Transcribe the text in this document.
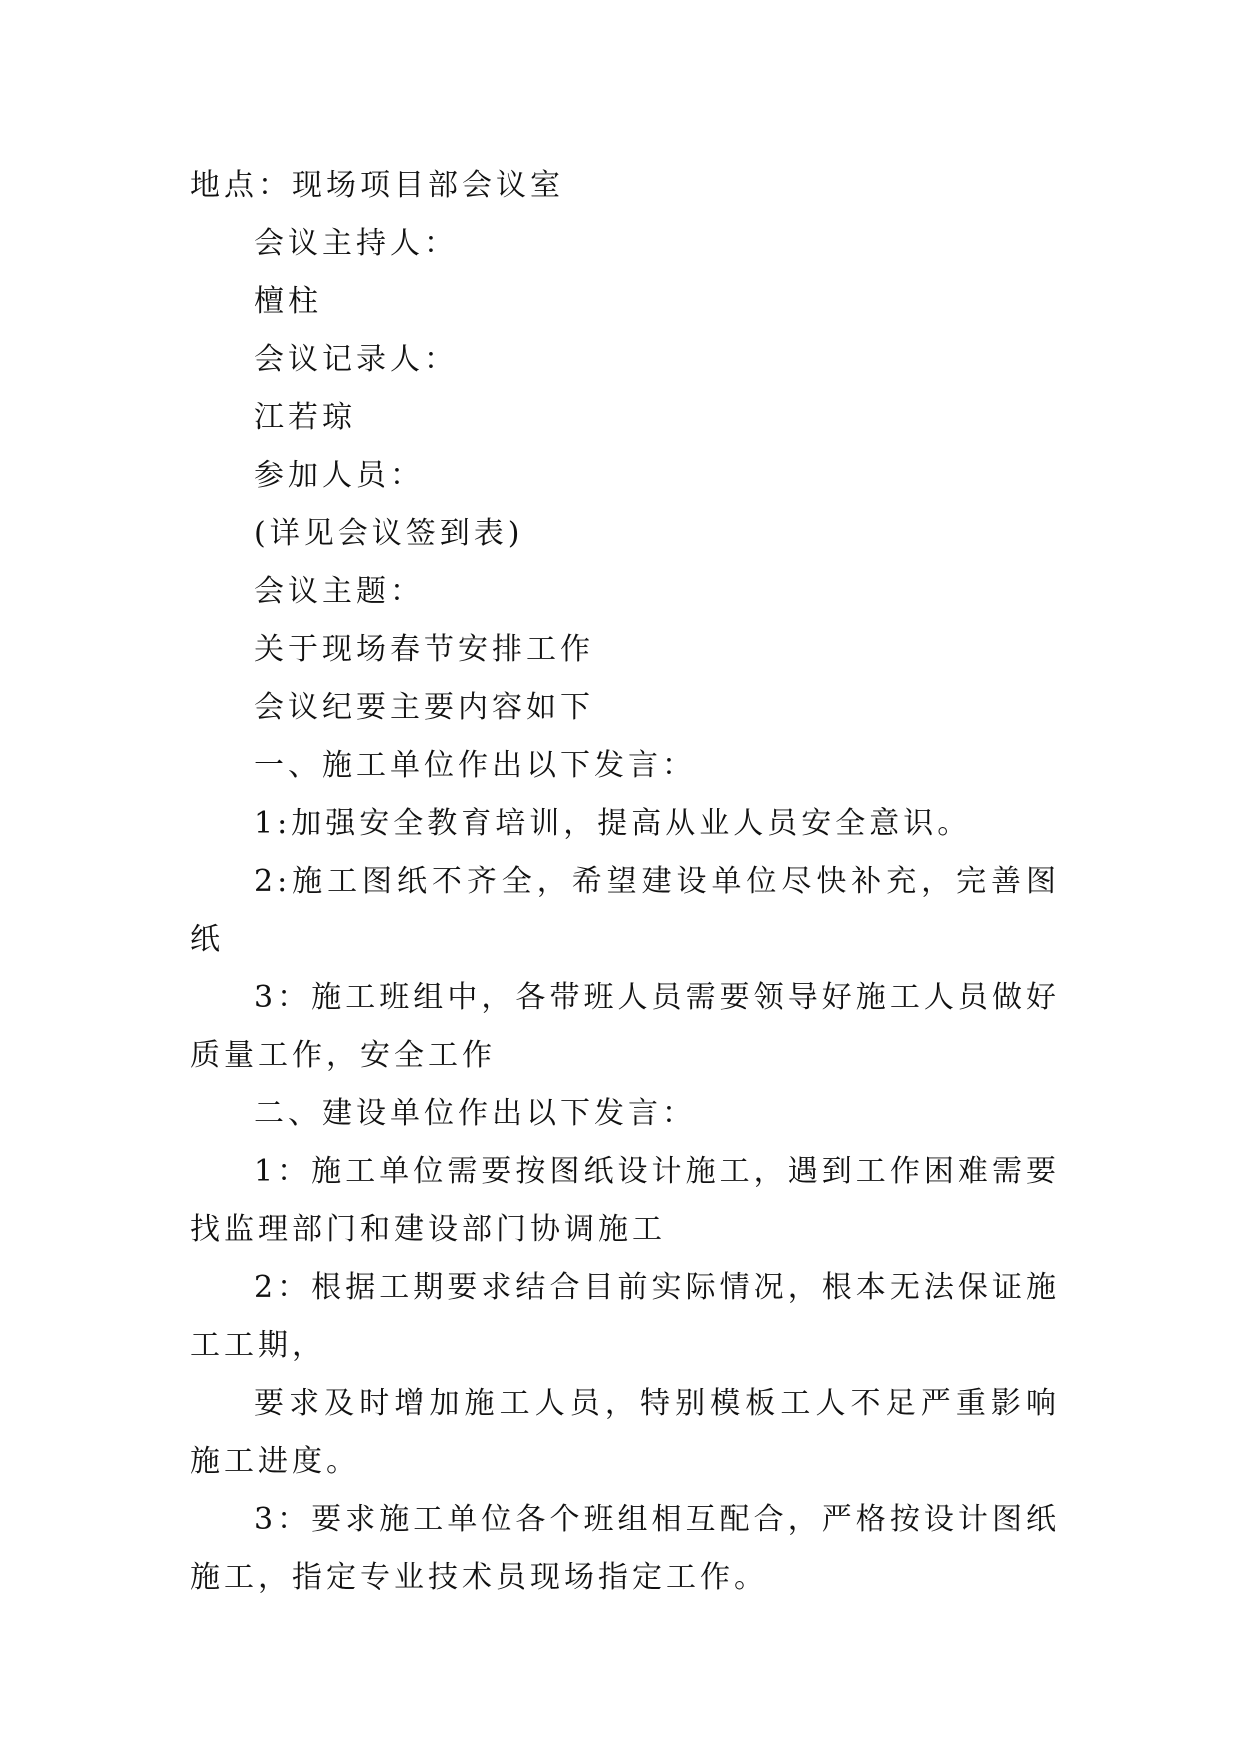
地点：现场项目部会议室

会议主持人：

檀柱

会议记录人：

江若琼

参加人员：

(详见会议签到表)

会议主题：

关于现场春节安排工作

会议纪要主要内容如下

一、施工单位作出以下发言：

1:加强安全教育培训，提高从业人员安全意识。

2:施工图纸不齐全，希望建设单位尽快补充，完善图纸

3：施工班组中，各带班人员需要领导好施工人员做好质量工作，安全工作

二、建设单位作出以下发言：

1：施工单位需要按图纸设计施工，遇到工作困难需要找监理部门和建设部门协调施工

2：根据工期要求结合目前实际情况，根本无法保证施工工期，

要求及时增加施工人员，特别模板工人不足严重影响施工进度。

3：要求施工单位各个班组相互配合，严格按设计图纸施工，指定专业技术员现场指定工作。
